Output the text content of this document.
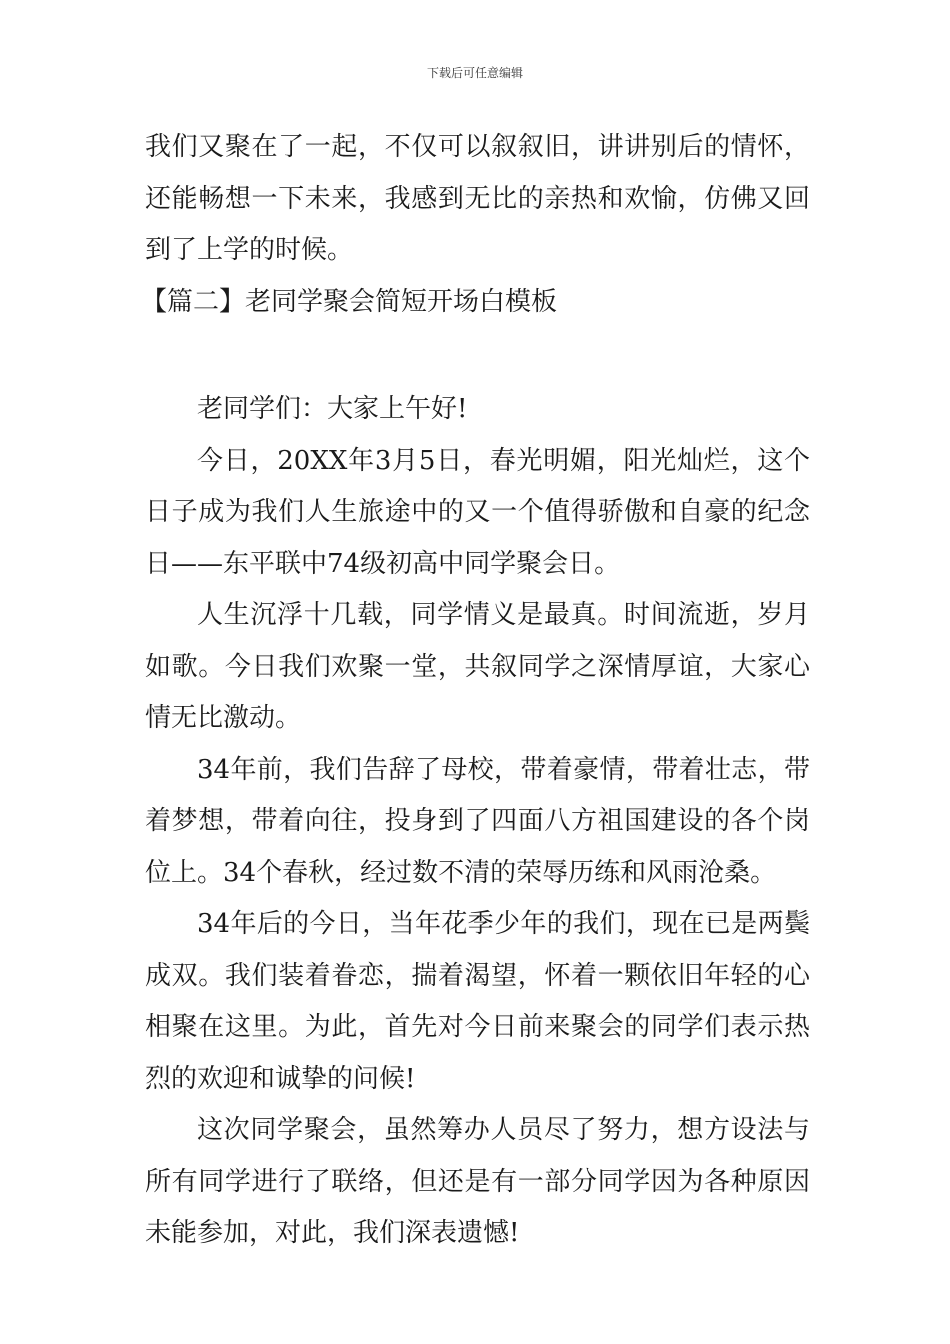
下载后可任意编辑

我们又聚在了一起，不仅可以叙叙旧，讲讲别后的情怀，还能畅想一下未来，我感到无比的亲热和欢愉，仿佛又回到了上学的时候。

【篇二】老同学聚会简短开场白模板

老同学们：大家上午好!

今日，20XX年3月5日，春光明媚，阳光灿烂，这个日子成为我们人生旅途中的又一个值得骄傲和自豪的纪念日——东平联中74级初高中同学聚会日。

人生沉浮十几载，同学情义是最真。时间流逝，岁月如歌。今日我们欢聚一堂，共叙同学之深情厚谊，大家心情无比激动。

34年前，我们告辞了母校，带着豪情，带着壮志，带着梦想，带着向往，投身到了四面八方祖国建设的各个岗位上。34个春秋，经过数不清的荣辱历练和风雨沧桑。

34年后的今日，当年花季少年的我们，现在已是两鬓成双。我们装着眷恋，揣着渴望，怀着一颗依旧年轻的心相聚在这里。为此，首先对今日前来聚会的同学们表示热烈的欢迎和诚挚的问候!

这次同学聚会，虽然筹办人员尽了努力，想方设法与所有同学进行了联络，但还是有一部分同学因为各种原因未能参加，对此，我们深表遗憾!
